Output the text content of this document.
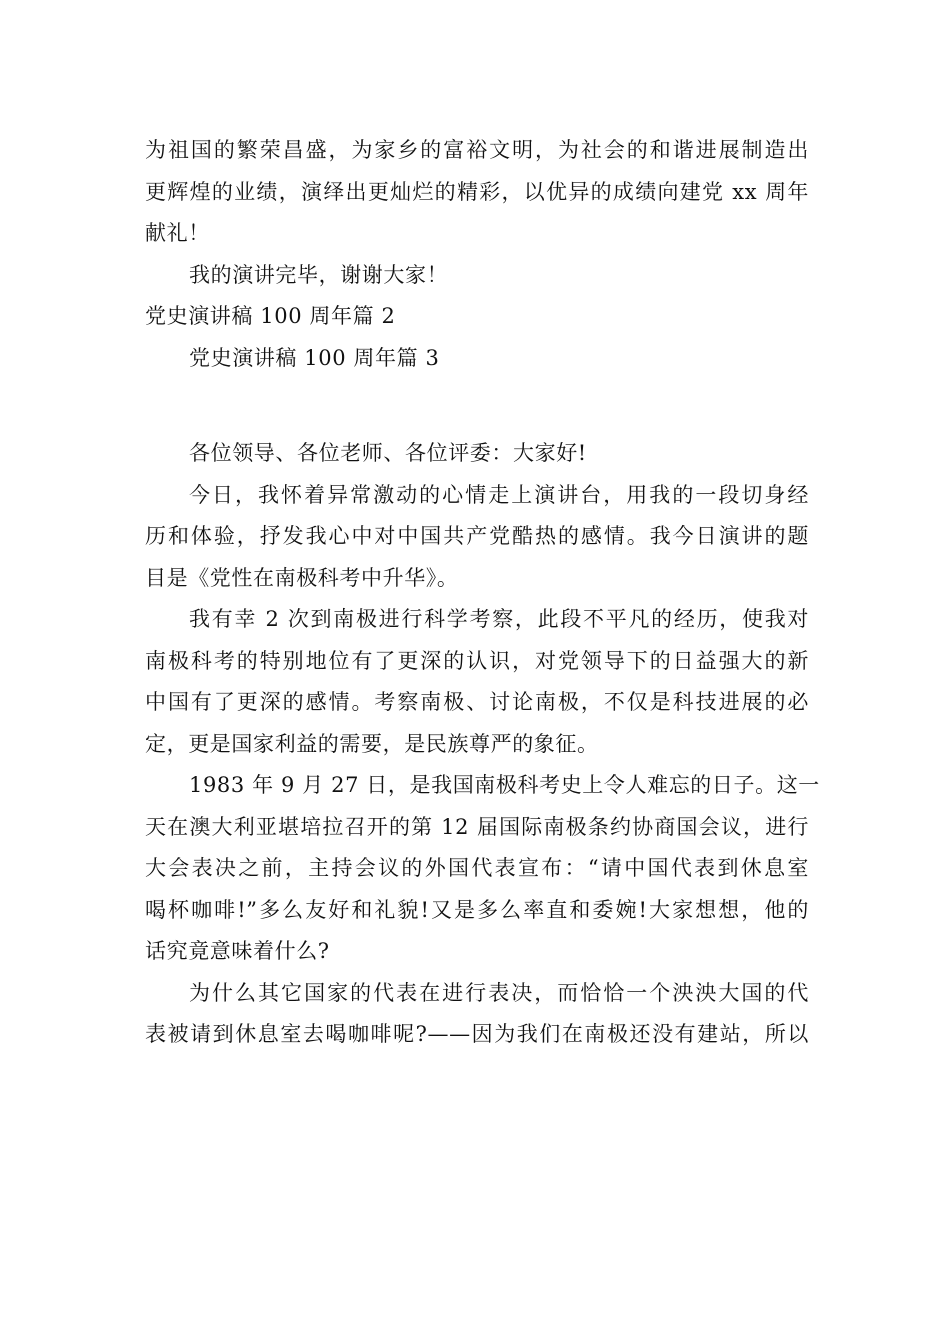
为祖国的繁荣昌盛，为家乡的富裕文明，为社会的和谐进展制造出
更辉煌的业绩，演绎出更灿烂的精彩，以优异的成绩向建党 xx 周年
献礼！

我的演讲完毕，谢谢大家！

党史演讲稿 100 周年篇 2

党史演讲稿 100 周年篇 3

各位领导、各位老师、各位评委：大家好!

今日，我怀着异常激动的心情走上演讲台，用我的一段切身经
历和体验，抒发我心中对中国共产党酷热的感情。我今日演讲的题
目是《党性在南极科考中升华》。

我有幸 2 次到南极进行科学考察，此段不平凡的经历，使我对
南极科考的特别地位有了更深的认识，对党领导下的日益强大的新
中国有了更深的感情。考察南极、讨论南极，不仅是科技进展的必
定，更是国家利益的需要，是民族尊严的象征。

1983 年 9 月 27 日，是我国南极科考史上令人难忘的日子。这一
天在澳大利亚堪培拉召开的第 12 届国际南极条约协商国会议，进行
大会表决之前，主持会议的外国代表宣布：“请中国代表到休息室
喝杯咖啡!”多么友好和礼貌!又是多么率直和委婉!大家想想，他的
话究竟意味着什么?

为什么其它国家的代表在进行表决，而恰恰一个泱泱大国的代
表被请到休息室去喝咖啡呢?——因为我们在南极还没有建站，所以
